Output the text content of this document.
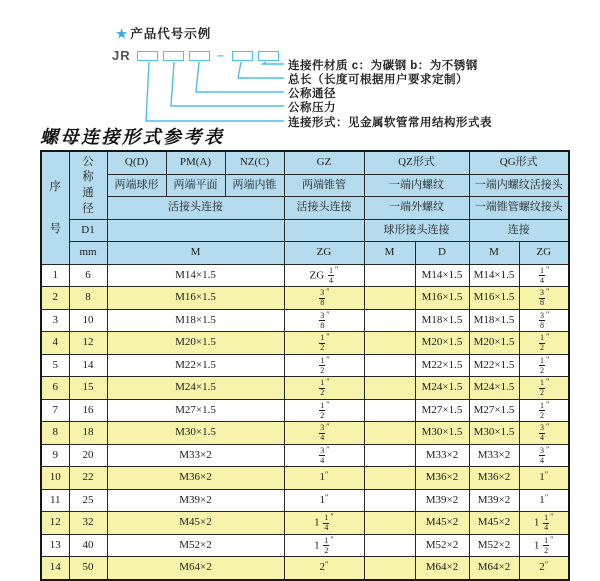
★ 产品代号示例
JR	–
连接件材质 c：为碳钢 b：为不锈钢
总长（长度可根据用户要求定制）
公称通径
公称压力
连接形式：见金属软管常用结构形式表
螺母连接形式参考表
序
号	公
称
通
径	Q(D)	PM(A)	NZ(C)	GZ	QZ形式		QG形式	
		两端球形	两端平面	两端内锥	两端锥管	一端内螺纹		一端内螺纹活接头	
		活接头连接			活接头连接	一端外螺纹		一端锥管螺纹接头	
	D1					球形接头连接		连接	
	mm	M			ZG	M	D	M	ZG
1	6	M14×1.5			ZG $\frac{1}{4} ''$		M14×1.5	M14×1.5	$\frac{1}{4} ''$
2	8	M16×1.5			$\frac{3}{8} ''$		M16×1.5	M16×1.5	$\frac{3}{8} ''$
3	10	M18×1.5			$\frac{3}{8} ''$		M18×1.5	M18×1.5	$\frac{3}{8} ''$
4	12	M20×1.5			$\frac{1}{2} ''$		M20×1.5	M20×1.5	$\frac{1}{2} ''$
5	14	M22×1.5			$\frac{1}{2} ''$		M22×1.5	M22×1.5	$\frac{1}{2} ''$
6	15	M24×1.5			$\frac{1}{2} ''$		M24×1.5	M24×1.5	$\frac{1}{2} ''$
7	16	M27×1.5			$\frac{1}{2} ''$		M27×1.5	M27×1.5	$\frac{1}{2} ''$
8	18	M30×1.5			$\frac{3}{4} ''$		M30×1.5	M30×1.5	$\frac{3}{4} ''$
9	20	M33×2			$\frac{3}{4} ''$		M33×2	M33×2	$\frac{3}{4} ''$
10	22	M36×2			1″		M36×2	M36×2	1″
11	25	M39×2			1″		M39×2	M39×2	1″
12	32	M45×2			$1 \frac{1}{4} ''$		M45×2	M45×2	$1 \frac{1}{4} ''$
13	40	M52×2			$1 \frac{1}{2} ''$		M52×2	M52×2	$1 \frac{1}{2} ''$
14	50	M64×2			2″		M64×2	M64×2	2″
